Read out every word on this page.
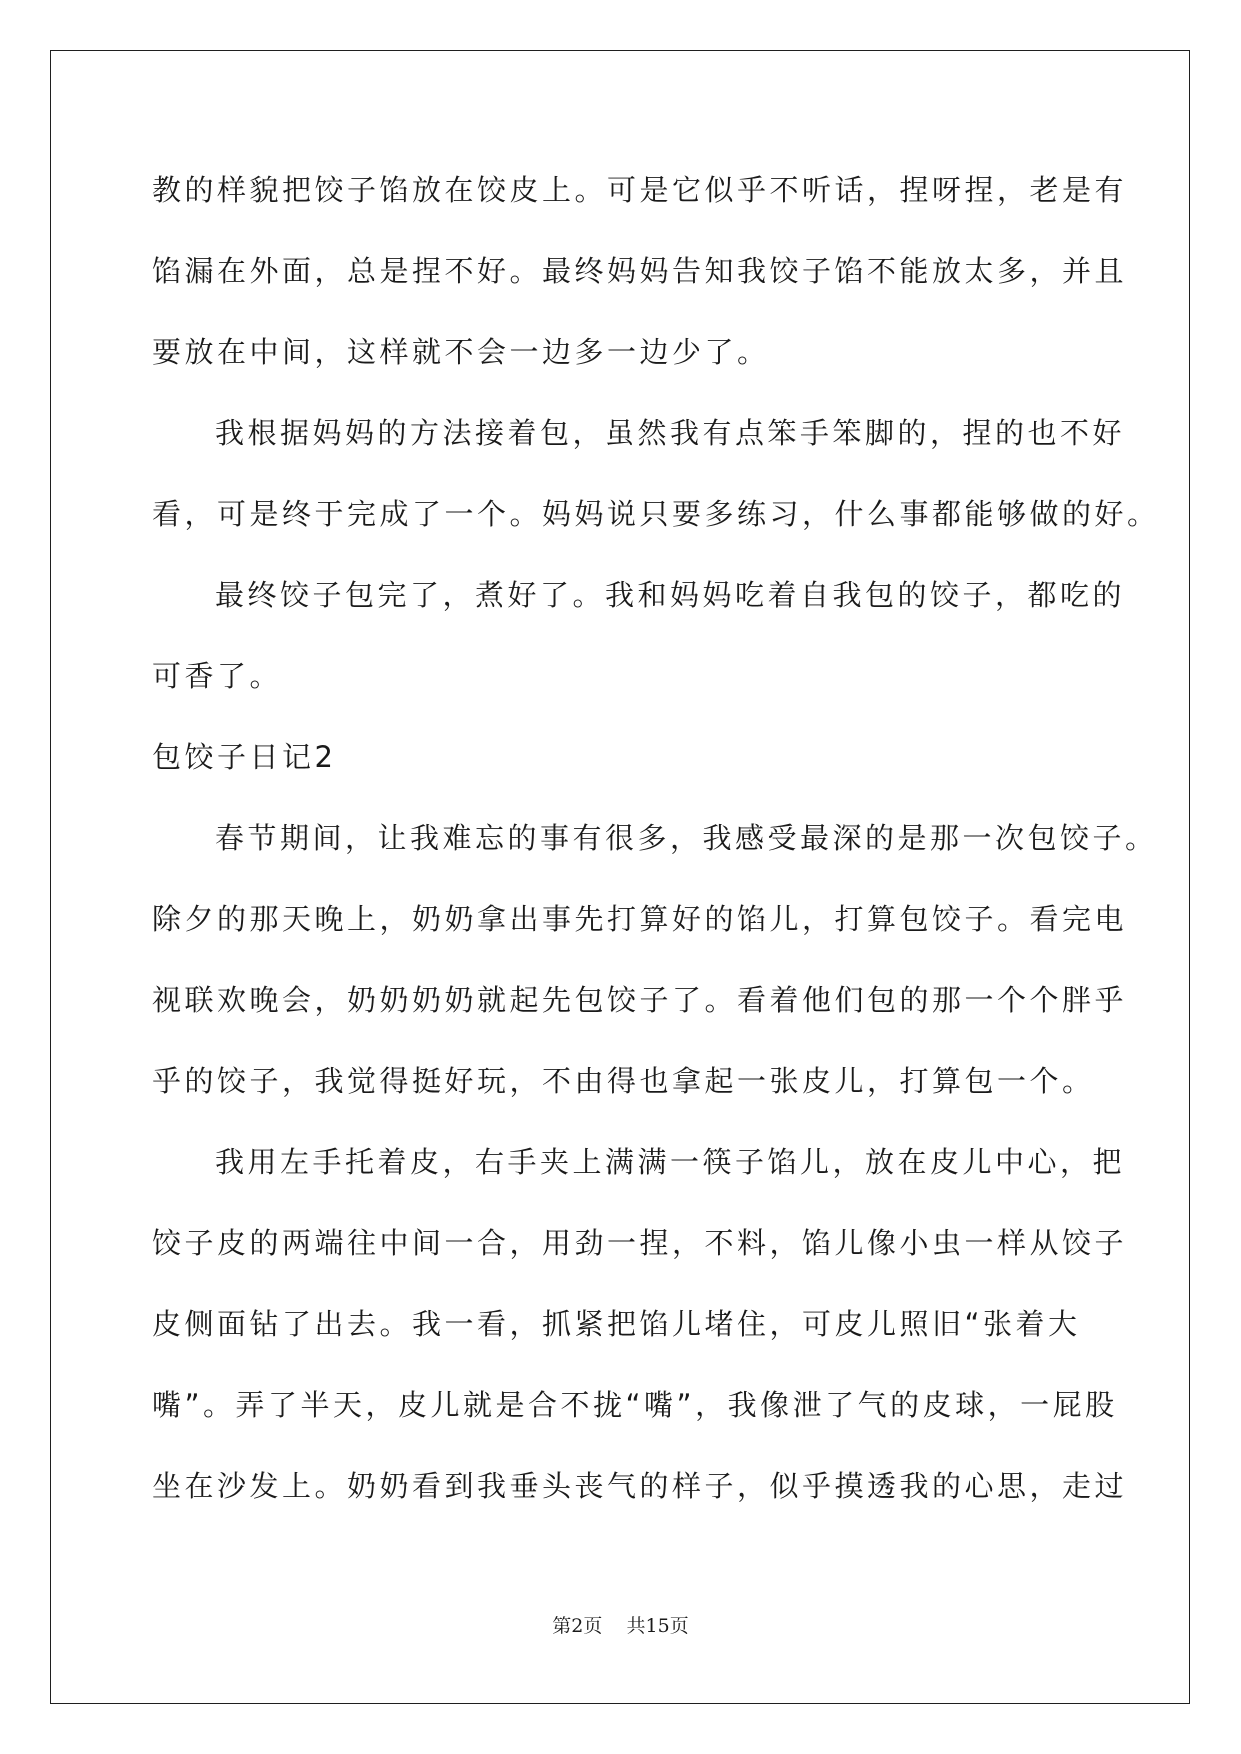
教的样貌把饺子馅放在饺皮上。可是它似乎不听话，捏呀捏，老是有
馅漏在外面，总是捏不好。最终妈妈告知我饺子馅不能放太多，并且
要放在中间，这样就不会一边多一边少了。
我根据妈妈的方法接着包，虽然我有点笨手笨脚的，捏的也不好
看，可是终于完成了一个。妈妈说只要多练习，什么事都能够做的好。
最终饺子包完了，煮好了。我和妈妈吃着自我包的饺子，都吃的
可香了。
包饺子日记2
春节期间，让我难忘的事有很多，我感受最深的是那一次包饺子。
除夕的那天晚上，奶奶拿出事先打算好的馅儿，打算包饺子。看完电
视联欢晚会，奶奶奶奶就起先包饺子了。看着他们包的那一个个胖乎
乎的饺子，我觉得挺好玩，不由得也拿起一张皮儿，打算包一个。
我用左手托着皮，右手夹上满满一筷子馅儿，放在皮儿中心，把
饺子皮的两端往中间一合，用劲一捏，不料，馅儿像小虫一样从饺子
皮侧面钻了出去。我一看，抓紧把馅儿堵住，可皮儿照旧“张着大
嘴”。弄了半天，皮儿就是合不拢“嘴”，我像泄了气的皮球，一屁股
坐在沙发上。奶奶看到我垂头丧气的样子，似乎摸透我的心思，走过
第2页    共15页
